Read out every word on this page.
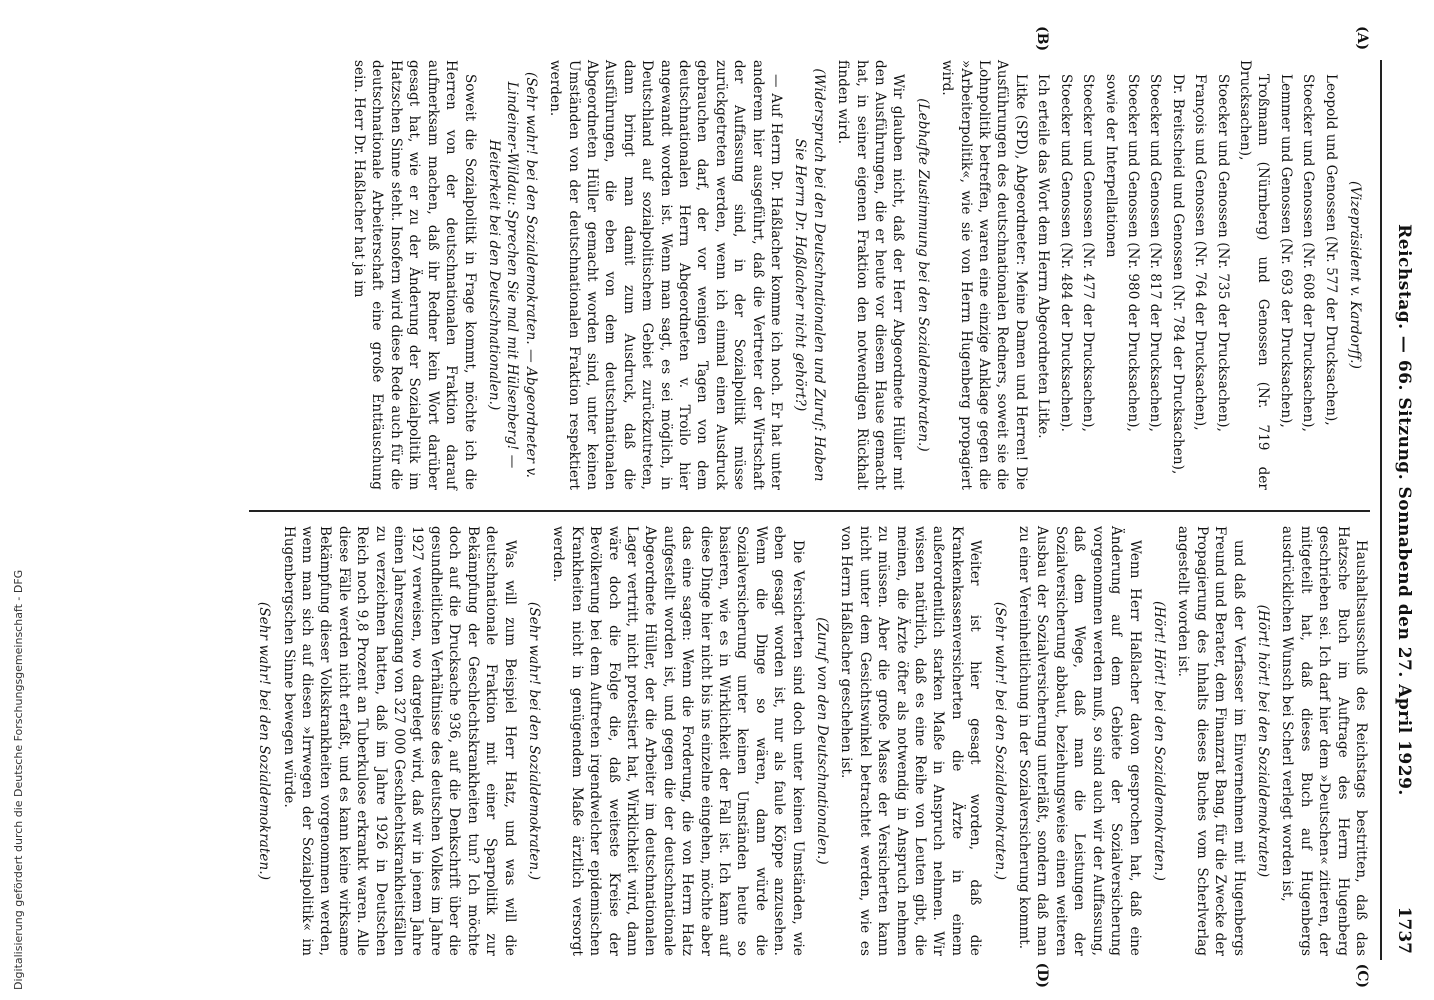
Reichstag. — 66. Sitzung. Sonnabend den 27. April 1929.
1737
(A)
(B)
(C)
(D)

(Vizepräsident v. Kardorff.)

Leopold und Genossen (Nr. 577 der Drucksachen),

Stoecker und Genossen (Nr. 608 der Drucksachen),

Lemmer und Genossen (Nr. 693 der Drucksachen),

Troßmann (Nürnberg) und Genossen (Nr. 719 der Drucksachen),

Stoecker und Genossen (Nr. 735 der Drucksachen),

François und Genossen (Nr. 764 der Drucksachen),

Dr. Breitscheid und Genossen (Nr. 784 der Drucksachen),

Stoecker und Genossen (Nr. 817 der Drucksachen),

Stoecker und Genossen (Nr. 980 der Drucksachen),

sowie der Interpellationen

Stoecker und Genossen (Nr. 477 der Drucksachen),

Stoecker und Genossen (Nr. 484 der Drucksachen).

Ich erteile das Wort dem Herrn Abgeordneten Litke.

Litke (SPD), Abgeordneter: Meine Damen und Herren! Die Ausführungen des deutschnationalen Redners, soweit sie die Lohnpolitik betreffen, waren eine einzige Anklage gegen die »Arbeiterpolitik«, wie sie von Herrn Hugenberg propagiert wird.

(Lebhafte Zustimmung bei den Sozialdemokraten.)

Wir glauben nicht, daß der Herr Abgeordnete Hüller mit den Ausführungen, die er heute vor diesem Hause gemacht hat, in seiner eigenen Fraktion den notwendigen Rückhalt finden wird.

(Widerspruch bei den Deutschnationalen und Zuruf: Haben Sie Herrn Dr. Haßlacher nicht gehört?)

— Auf Herrn Dr. Haßlacher komme ich noch. Er hat unter anderem hier ausgeführt, daß die Vertreter der Wirtschaft der Auffassung sind, in der Sozialpolitik müsse zurückgetreten werden, wenn ich einmal einen Ausdruck gebrauchen darf, der vor wenigen Tagen von dem deutschnationalen Herrn Abgeordneten v. Troilo hier angewandt worden ist. Wenn man sagt, es sei möglich, in Deutschland auf sozialpolitischem Gebiet zurückzutreten, dann bringt man damit zum Ausdruck, daß die Ausführungen, die eben von dem deutschnationalen Abgeordneten Hüller gemacht worden sind, unter keinen Umständen von der deutschnationalen Fraktion respektiert werden.

(Sehr wahr! bei den Sozialdemokraten. — Abgeordneter v. Lindeiner-Wildau: Sprechen Sie mal mit Hülsenberg! — Heiterkeit bei den Deutschnationalen.)

Soweit die Sozialpolitik in Frage kommt, möchte ich die Herren von der deutschnationalen Fraktion darauf aufmerksam machen, daß ihr Redner kein Wort darüber gesagt hat, wie er zu der Änderung der Sozialpolitik im Hatzschen Sinne steht. Insofern wird diese Rede auch für die deutschnationale Arbeiterschaft eine große Enttäuschung sein. Herr Dr. Haßlacher hat ja im

Haushaltsausschuß des Reichstags bestritten, daß das Hatzsche Buch im Auftrage des Herrn Hugenberg geschrieben sei. Ich darf hier dem »Deutschen« zitieren, der mitgeteilt hat, daß dieses Buch auf Hugenbergs ausdrücklichen Wunsch bei Scherl verlegt worden ist,

(Hört! hört! bei den Sozialdemokraten)

und daß der Verfasser im Einvernehmen mit Hugenbergs Freund und Berater, dem Finanzrat Bang, für die Zwecke der Propagierung des Inhalts dieses Buches vom Scherlverlag angestellt worden ist.

(Hört! Hört! bei den Sozialdemokraten.)

Wenn Herr Haßlacher davon gesprochen hat, daß eine Änderung auf dem Gebiete der Sozialversicherung vorgenommen werden muß, so sind auch wir der Auffassung, daß dem Wege, daß man die Leistungen der Sozialversicherung abbaut, beziehungsweise einen weiteren Ausbau der Sozialversicherung unterläßt, sondern daß man zu einer Vereinheitlichung in der Sozialversicherung kommt.

(Sehr wahr! bei den Sozialdemokraten.)

Weiter ist hier gesagt worden, daß die Krankenkassenversicherten die Ärzte in einem außerordentlich starken Maße in Anspruch nehmen. Wir wissen natürlich, daß es eine Reihe von Leuten gibt, die meinen, die Ärzte öfter als notwendig in Anspruch nehmen zu müssen. Aber die große Masse der Versicherten kann nicht unter dem Gesichtswinkel betrachtet werden, wie es von Herrn Haßlacher geschehen ist.

(Zuruf von den Deutschnationalen.)

Die Versicherten sind doch unter keinen Umständen, wie eben gesagt worden ist, nur als faule Köppe anzusehen. Wenn die Dinge so wären, dann würde die Sozialversicherung unter keinen Umständen heute so basieren, wie es in Wirklichkeit der Fall ist. Ich kann auf diese Dinge hier nicht bis ins einzelne eingehen, möchte aber das eine sagen: Wenn die Forderung, die von Herrn Hatz aufgestellt worden ist, und gegen die der deutschnationale Abgeordnete Hüller, der die Arbeiter im deutschnationalen Lager vertritt, nicht protestiert hat, Wirklichkeit wird, dann wäre doch die Folge die, daß weiteste Kreise der Bevölkerung bei dem Auftreten irgendwelcher epidemischen Krankheiten nicht in genügendem Maße ärztlich versorgt werden.

(Sehr wahr! bei den Sozialdemokraten.)

Was will zum Beispiel Herr Hatz, und was will die deutschnationale Fraktion mit einer Sparpolitik zur Bekämpfung der Geschlechtskrankheiten tun? Ich möchte doch auf die Drucksache 936, auf die Denkschrift über die gesundheitlichen Verhältnisse des deutschen Volkes im Jahre 1927 verweisen, wo dargelegt wird, daß wir in jenem Jahre einen Jahreszugang von 327 000 Geschlechtskrankheitsfällen zu verzeichnen hatten, daß im Jahre 1926 in Deutschen Reich noch 9,8 Prozent an Tuberkulose erkrankt waren. Alle diese Fälle werden nicht erfaßt, und es kann keine wirksame Bekämpfung dieser Volkskrankheiten vorgenommen werden, wenn man sich auf diesen »Irrwegen der Sozialpolitik« im Hugenbergschen Sinne bewegen würde.

(Sehr wahr! bei den Sozialdemokraten.)

Digitalisierung gefördert durch die Deutsche Forschungsgemeinschaft - DFG
